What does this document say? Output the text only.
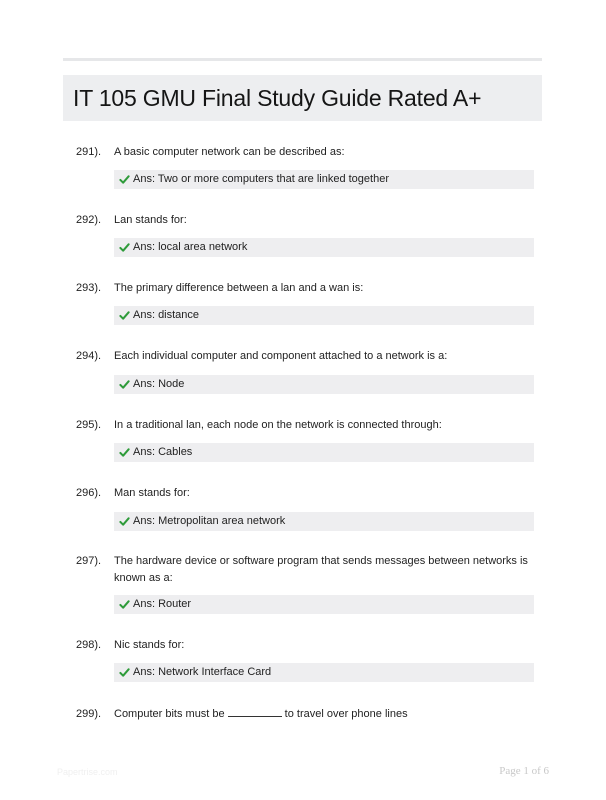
IT 105 GMU Final Study Guide Rated A+
291). A basic computer network can be described as:
Ans: Two or more computers that are linked together
292). Lan stands for:
Ans: local area network
293). The primary difference between a lan and a wan is:
Ans: distance
294). Each individual computer and component attached to a network is a:
Ans: Node
295). In a traditional lan, each node on the network is connected through:
Ans: Cables
296). Man stands for:
Ans: Metropolitan area network
297). The hardware device or software program that sends messages between networks is known as a:
Ans: Router
298). Nic stands for:
Ans: Network Interface Card
299). Computer bits must be	to travel over phone lines
Papertrise.com	Page 1 of 6
